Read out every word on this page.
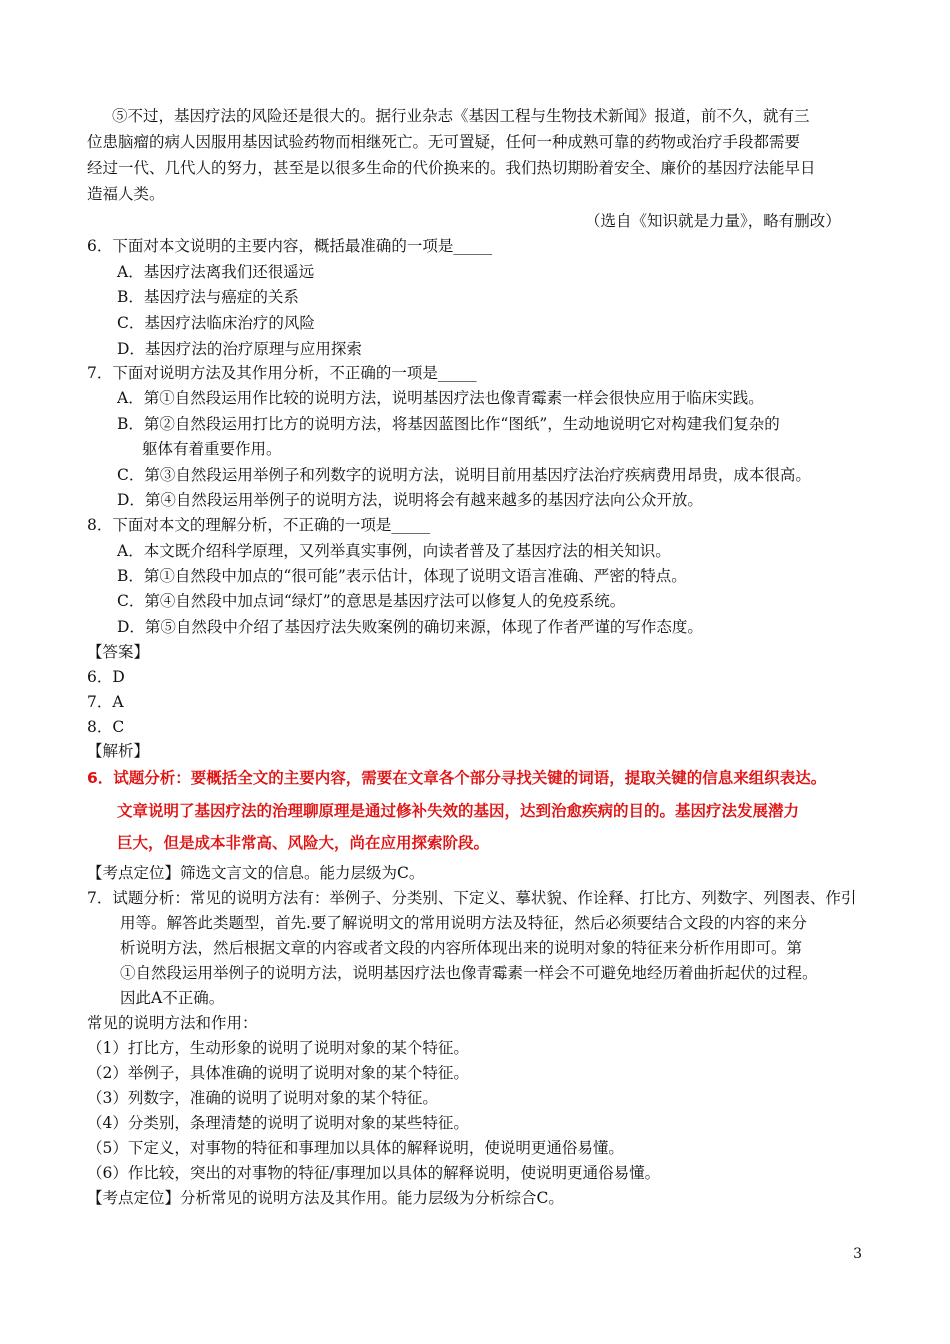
⑤不过，基因疗法的风险还是很大的。据行业杂志《基因工程与生物技术新闻》报道，前不久，就有三
位患脑瘤的病人因服用基因试验药物而相继死亡。无可置疑，任何一种成熟可靠的药物或治疗手段都需要
经过一代、几代人的努力，甚至是以很多生命的代价换来的。我们热切期盼着安全、廉价的基因疗法能早日
造福人类。
（选自《知识就是力量》，略有删改）
6．下面对本文说明的主要内容，概括最准确的一项是_____
A．基因疗法离我们还很遥远
B．基因疗法与癌症的关系
C．基因疗法临床治疗的风险
D．基因疗法的治疗原理与应用探索
7．下面对说明方法及其作用分析，不正确的一项是_____
A．第①自然段运用作比较的说明方法，说明基因疗法也像青霉素一样会很快应用于临床实践。
B．第②自然段运用打比方的说明方法，将基因蓝图比作“图纸”，生动地说明它对构建我们复杂的
躯体有着重要作用。
C．第③自然段运用举例子和列数字的说明方法，说明目前用基因疗法治疗疾病费用昂贵，成本很高。
D．第④自然段运用举例子的说明方法，说明将会有越来越多的基因疗法向公众开放。
8．下面对本文的理解分析，不正确的一项是_____
A．本文既介绍科学原理，又列举真实事例，向读者普及了基因疗法的相关知识。
B．第①自然段中加点的“很可能”表示估计，体现了说明文语言准确、严密的特点。
C．第④自然段中加点词“绿灯”的意思是基因疗法可以修复人的免疫系统。
D．第⑤自然段中介绍了基因疗法失败案例的确切来源，体现了作者严谨的写作态度。
【答案】
6．D
7．A
8．C
【解析】
6．试题分析：要概括全文的主要内容，需要在文章各个部分寻找关键的词语，提取关键的信息来组织表达。
文章说明了基因疗法的治理聊原理是通过修补失效的基因，达到治愈疾病的目的。基因疗法发展潜力
巨大，但是成本非常高、风险大，尚在应用探索阶段。
【考点定位】筛选文言文的信息。能力层级为C。
7．试题分析：常见的说明方法有：举例子、分类别、下定义、摹状貌、作诠释、打比方、列数字、列图表、作引
用等。解答此类题型，首先.要了解说明文的常用说明方法及特征，然后必须要结合文段的内容的来分
析说明方法，然后根据文章的内容或者文段的内容所体现出来的说明对象的特征来分析作用即可。第
①自然段运用举例子的说明方法，说明基因疗法也像青霉素一样会不可避免地经历着曲折起伏的过程。
因此A不正确。
常见的说明方法和作用：
（1）打比方，生动形象的说明了说明对象的某个特征。
（2）举例子，具体准确的说明了说明对象的某个特征。
（3）列数字，准确的说明了说明对象的某个特征。
（4）分类别，条理清楚的说明了说明对象的某些特征。
（5）下定义，对事物的特征和事理加以具体的解释说明，使说明更通俗易懂。
（6）作比较，突出的对事物的特征/事理加以具体的解释说明，使说明更通俗易懂。
【考点定位】分析常见的说明方法及其作用。能力层级为分析综合C。
3
